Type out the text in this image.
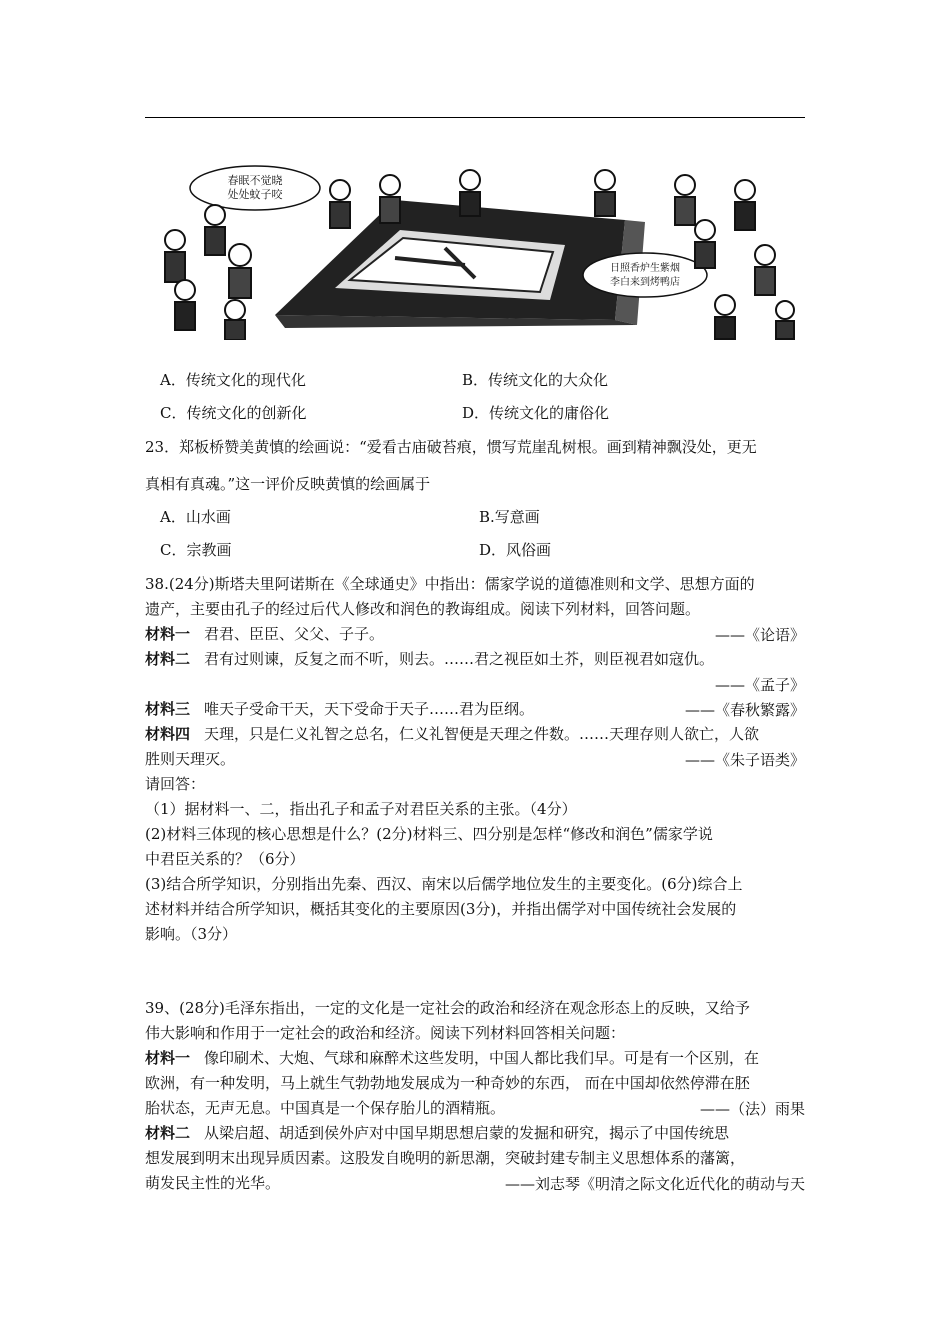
春眠不觉晓
处处蚊子咬
日照香炉生紫烟
李白来到烤鸭店
A．传统文化的现代化	B．传统文化的大众化
C．传统文化的创新化	D．传统文化的庸俗化
23．郑板桥赞美黄慎的绘画说：“爱看古庙破苔痕，惯写荒崖乱树根。画到精神飘没处，更无
真相有真魂。”这一评价反映黄慎的绘画属于
A．山水画	B.写意画
C．宗教画	D．风俗画
38.(24分)斯塔夫里阿诺斯在《全球通史》中指出：儒家学说的道德准则和文学、思想方面的
遗产，主要由孔子的经过后代人修改和润色的教诲组成。阅读下列材料，回答问题。
材料一 君君、臣臣、父父、子子。	——《论语》
材料二 君有过则谏，反复之而不听，则去。……君之视臣如土芥，则臣视君如寇仇。
——《孟子》
材料三 唯天子受命干天，天下受命于天子……君为臣纲。	——《春秋繁露》
材料四 天理，只是仁义礼智之总名，仁义礼智便是天理之件数。……天理存则人欲亡，人欲
胜则天理灭。	——《朱子语类》
请回答：
（1）据材料一、二，指出孔子和孟子对君臣关系的主张。（4分）
(2)材料三体现的核心思想是什么？(2分)材料三、四分别是怎样“修改和润色”儒家学说
中君臣关系的？（6分）
(3)结合所学知识，分别指出先秦、西汉、南宋以后儒学地位发生的主要变化。(6分)综合上
述材料并结合所学知识，概括其变化的主要原因(3分)，并指出儒学对中国传统社会发展的
影响。（3分）
39、(28分)毛泽东指出，一定的文化是一定社会的政治和经济在观念形态上的反映，又给予
伟大影响和作用于一定社会的政治和经济。阅读下列材料回答相关问题：
材料一 像印刷术、大炮、气球和麻醉术这些发明，中国人都比我们早。可是有一个区别，在
欧洲，有一种发明，马上就生气勃勃地发展成为一种奇妙的东西， 而在中国却依然停滞在胚
胎状态，无声无息。中国真是一个保存胎儿的酒精瓶。	——（法）雨果
材料二 从梁启超、胡适到侯外庐对中国早期思想启蒙的发掘和研究，揭示了中国传统思
想发展到明末出现异质因素。这股发自晚明的新思潮，突破封建专制主义思想体系的藩篱，
萌发民主性的光华。	——刘志琴《明清之际文化近代化的萌动与天
